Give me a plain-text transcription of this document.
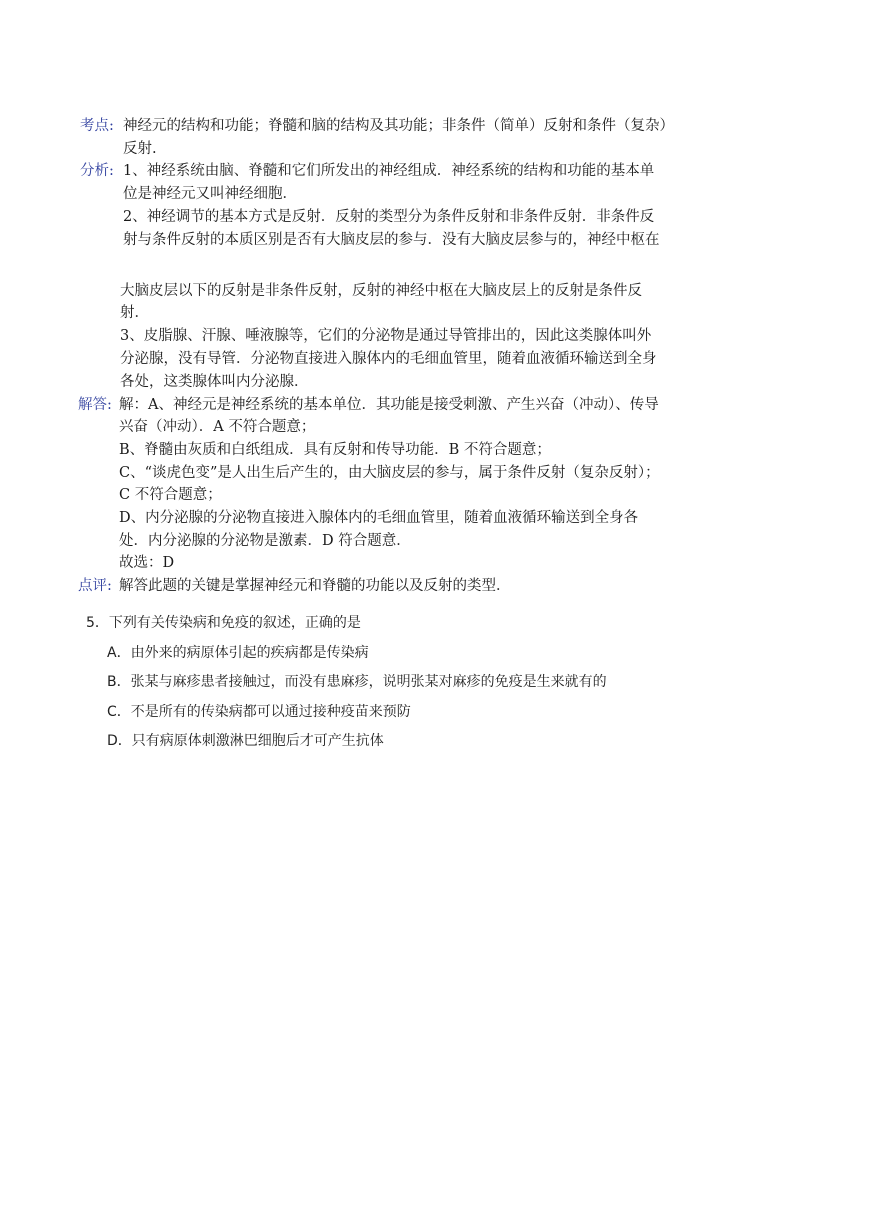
考点: 神经元的结构和功能；脊髓和脑的结构及其功能；非条件（简单）反射和条件（复杂）
反射.
分析: 1、神经系统由脑、脊髓和它们所发出的神经组成．神经系统的结构和功能的基本单
位是神经元又叫神经细胞．
2、神经调节的基本方式是反射．反射的类型分为条件反射和非条件反射．非条件反
射与条件反射的本质区别是否有大脑皮层的参与．没有大脑皮层参与的，神经中枢在
大脑皮层以下的反射是非条件反射，反射的神经中枢在大脑皮层上的反射是条件反
射．
3、皮脂腺、汗腺、唾液腺等，它们的分泌物是通过导管排出的，因此这类腺体叫外
分泌腺，没有导管．分泌物直接进入腺体内的毛细血管里，随着血液循环输送到全身
各处，这类腺体叫内分泌腺．
解答: 解：A、神经元是神经系统的基本单位．其功能是接受刺激、产生兴奋（冲动）、传导
兴奋（冲动）．A 不符合题意；
B、脊髓由灰质和白纸组成．具有反射和传导功能．B 不符合题意；
C、“谈虎色变”是人出生后产生的，由大脑皮层的参与，属于条件反射（复杂反射）；
C 不符合题意；
D、内分泌腺的分泌物直接进入腺体内的毛细血管里，随着血液循环输送到全身各
处．内分泌腺的分泌物是激素．D 符合题意．
故选：D
点评: 解答此题的关键是掌握神经元和脊髓的功能以及反射的类型．
5．下列有关传染病和免疫的叙述，正确的是
A．由外来的病原体引起的疾病都是传染病
B．张某与麻疹患者接触过，而没有患麻疹，说明张某对麻疹的免疫是生来就有的
C．不是所有的传染病都可以通过接种疫苗来预防
D．只有病原体刺激淋巴细胞后才可产生抗体
